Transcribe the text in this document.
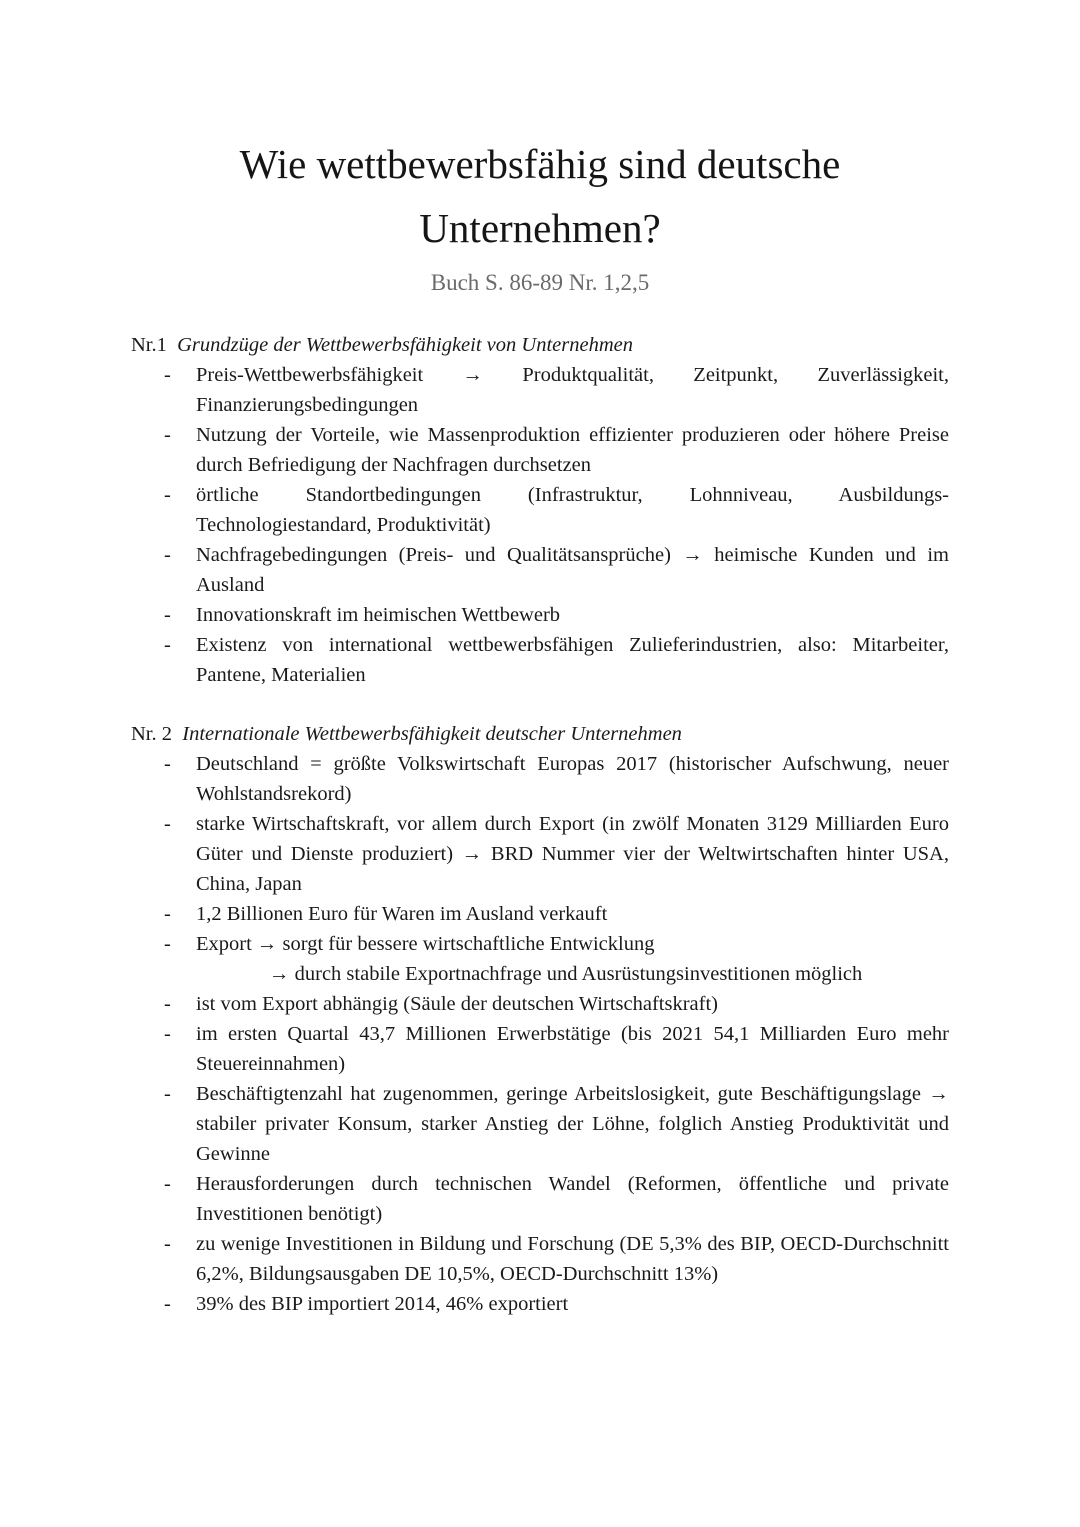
Wie wettbewerbsfähig sind deutsche
Unternehmen?
Buch S. 86-89 Nr. 1,2,5

Nr.1 Grundzüge der Wettbewerbsfähigkeit von Unternehmen

- Preis-Wettbewerbsfähigkeit → Produktqualität, Zeitpunkt, Zuverlässigkeit, Finanzierungsbedingungen
- Nutzung der Vorteile, wie Massenproduktion effizienter produzieren oder höhere Preise durch Befriedigung der Nachfragen durchsetzen
- örtliche Standortbedingungen (Infrastruktur, Lohnniveau, Ausbildungs-Technologiestandard, Produktivität)
- Nachfragebedingungen (Preis- und Qualitätsansprüche) → heimische Kunden und im Ausland
- Innovationskraft im heimischen Wettbewerb
- Existenz von international wettbewerbsfähigen Zulieferindustrien, also: Mitarbeiter, Pantene, Materialien

Nr. 2 Internationale Wettbewerbsfähigkeit deutscher Unternehmen

- Deutschland = größte Volkswirtschaft Europas 2017 (historischer Aufschwung, neuer Wohlstandsrekord)
- starke Wirtschaftskraft, vor allem durch Export (in zwölf Monaten 3129 Milliarden Euro Güter und Dienste produziert) → BRD Nummer vier der Weltwirtschaften hinter USA, China, Japan
- 1,2 Billionen Euro für Waren im Ausland verkauft
- Export → sorgt für bessere wirtschaftliche Entwicklung
→ durch stabile Exportnachfrage und Ausrüstungsinvestitionen möglich
- ist vom Export abhängig (Säule der deutschen Wirtschaftskraft)
- im ersten Quartal 43,7 Millionen Erwerbstätige (bis 2021 54,1 Milliarden Euro mehr Steuereinnahmen)
- Beschäftigtenzahl hat zugenommen, geringe Arbeitslosigkeit, gute Beschäftigungslage → stabiler privater Konsum, starker Anstieg der Löhne, folglich Anstieg Produktivität und Gewinne
- Herausforderungen durch technischen Wandel (Reformen, öffentliche und private Investitionen benötigt)
- zu wenige Investitionen in Bildung und Forschung (DE 5,3% des BIP, OECD-Durchschnitt 6,2%, Bildungsausgaben DE 10,5%, OECD-Durchschnitt 13%)
- 39% des BIP importiert 2014, 46% exportiert
